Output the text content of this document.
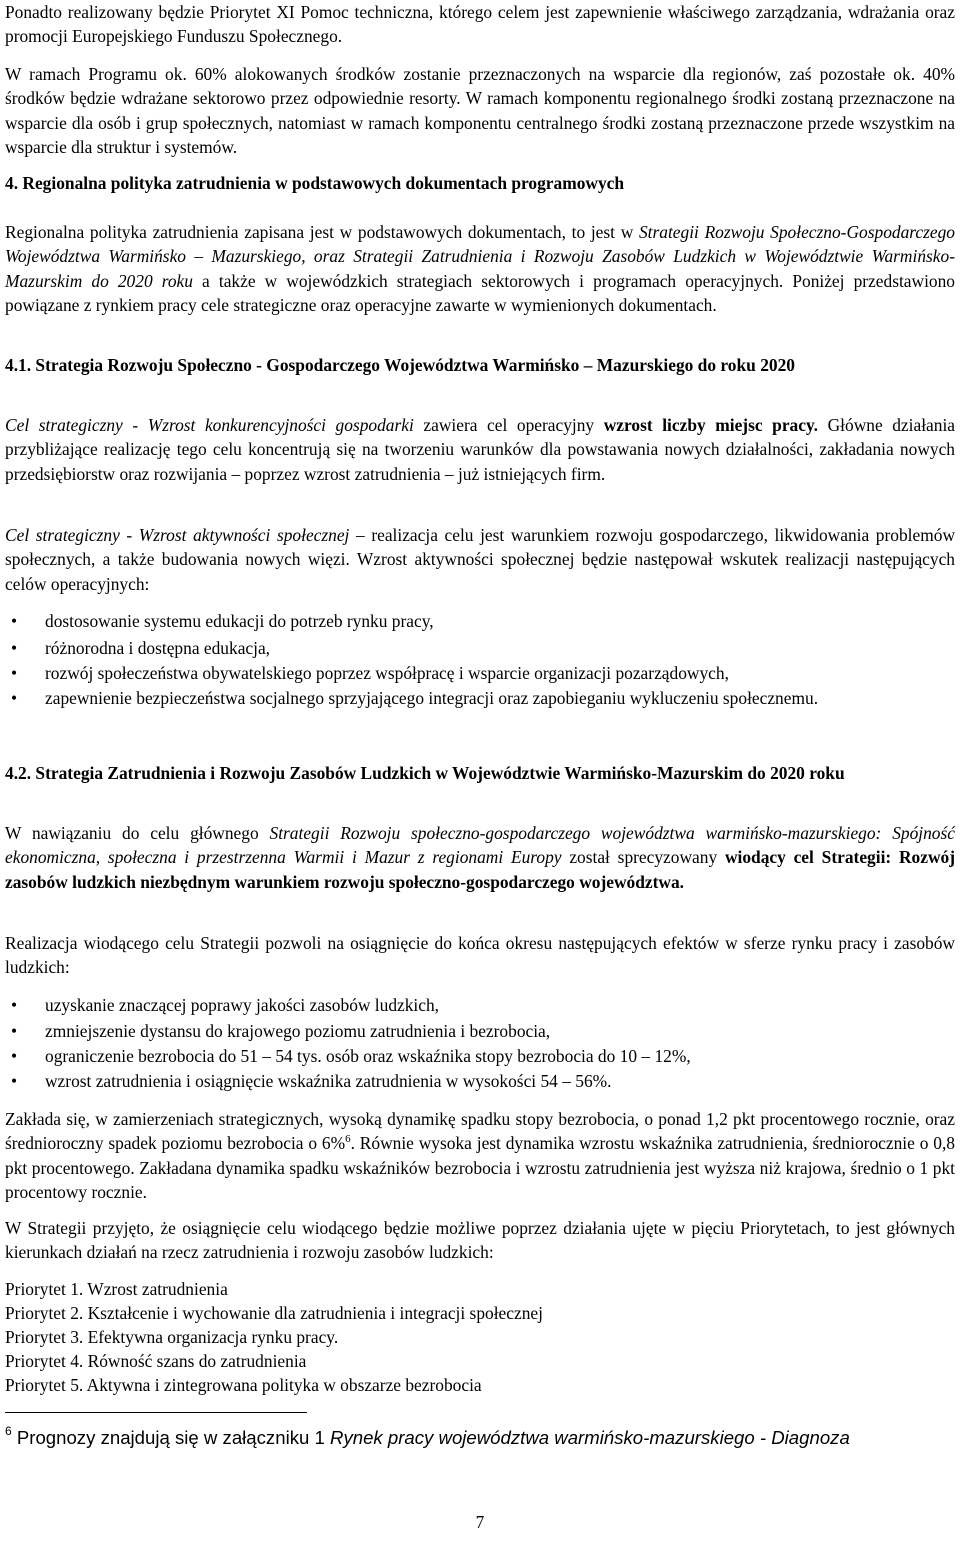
Ponadto realizowany będzie Priorytet XI Pomoc techniczna, którego celem jest zapewnienie właściwego zarządzania, wdrażania oraz promocji Europejskiego Funduszu Społecznego.

W ramach Programu ok. 60% alokowanych środków zostanie przeznaczonych na wsparcie dla regionów, zaś pozostałe ok. 40% środków będzie wdrażane sektorowo przez odpowiednie resorty. W ramach komponentu regionalnego środki zostaną przeznaczone na wsparcie dla osób i grup społecznych, natomiast w ramach komponentu centralnego środki zostaną przeznaczone przede wszystkim na wsparcie dla struktur i systemów.

4. Regionalna polityka zatrudnienia w podstawowych dokumentach programowych

Regionalna polityka zatrudnienia zapisana jest w podstawowych dokumentach, to jest w Strategii Rozwoju Społeczno-Gospodarczego Województwa Warmińsko – Mazurskiego, oraz Strategii Zatrudnienia i Rozwoju Zasobów Ludzkich w Województwie Warmińsko-Mazurskim do 2020 roku a także w wojewódzkich strategiach sektorowych i programach operacyjnych. Poniżej przedstawiono powiązane z rynkiem pracy cele strategiczne oraz operacyjne zawarte w wymienionych dokumentach.

4.1. Strategia Rozwoju Społeczno - Gospodarczego Województwa Warmińsko – Mazurskiego do roku 2020

Cel strategiczny - Wzrost konkurencyjności gospodarki zawiera cel operacyjny wzrost liczby miejsc pracy. Główne działania przybliżające realizację tego celu koncentrują się na tworzeniu warunków dla powstawania nowych działalności, zakładania nowych przedsiębiorstw oraz rozwijania – poprzez wzrost zatrudnienia – już istniejących firm.

Cel strategiczny - Wzrost aktywności społecznej – realizacja celu jest warunkiem rozwoju gospodarczego, likwidowania problemów społecznych, a także budowania nowych więzi. Wzrost aktywności społecznej będzie następował wskutek realizacji następujących celów operacyjnych:

• dostosowanie systemu edukacji do potrzeb rynku pracy,
• różnorodna i dostępna edukacja,
• rozwój społeczeństwa obywatelskiego poprzez współpracę i wsparcie organizacji pozarządowych,
• zapewnienie bezpieczeństwa socjalnego sprzyjającego integracji oraz zapobieganiu wykluczeniu społecznemu.

4.2. Strategia Zatrudnienia i Rozwoju Zasobów Ludzkich w Województwie Warmińsko-Mazurskim do 2020 roku

W nawiązaniu do celu głównego Strategii Rozwoju społeczno-gospodarczego województwa warmińsko-mazurskiego: Spójność ekonomiczna, społeczna i przestrzenna Warmii i Mazur z regionami Europy został sprecyzowany wiodący cel Strategii: Rozwój zasobów ludzkich niezbędnym warunkiem rozwoju społeczno-gospodarczego województwa.

Realizacja wiodącego celu Strategii pozwoli na osiągnięcie do końca okresu następujących efektów w sferze rynku pracy i zasobów ludzkich:

• uzyskanie znaczącej poprawy jakości zasobów ludzkich,
• zmniejszenie dystansu do krajowego poziomu zatrudnienia i bezrobocia,
• ograniczenie bezrobocia do 51 – 54 tys. osób oraz wskaźnika stopy bezrobocia do 10 – 12%,
• wzrost zatrudnienia i osiągnięcie wskaźnika zatrudnienia w wysokości 54 – 56%.

Zakłada się, w zamierzeniach strategicznych, wysoką dynamikę spadku stopy bezrobocia, o ponad 1,2 pkt procentowego rocznie, oraz średnioroczny spadek poziomu bezrobocia o 6%$^6$. Równie wysoka jest dynamika wzrostu wskaźnika zatrudnienia, średniorocznie o 0,8 pkt procentowego. Zakładana dynamika spadku wskaźników bezrobocia i wzrostu zatrudnienia jest wyższa niż krajowa, średnio o 1 pkt procentowy rocznie.

W Strategii przyjęto, że osiągnięcie celu wiodącego będzie możliwe poprzez działania ujęte w pięciu Priorytetach, to jest głównych kierunkach działań na rzecz zatrudnienia i rozwoju zasobów ludzkich:

Priorytet 1. Wzrost zatrudnienia
Priorytet 2. Kształcenie i wychowanie dla zatrudnienia i integracji społecznej
Priorytet 3. Efektywna organizacja rynku pracy.
Priorytet 4. Równość szans do zatrudnienia
Priorytet 5. Aktywna i zintegrowana polityka w obszarze bezrobocia
$^6$ Prognozy znajdują się w załączniku 1 Rynek pracy województwa warmińsko-mazurskiego - Diagnoza
7
